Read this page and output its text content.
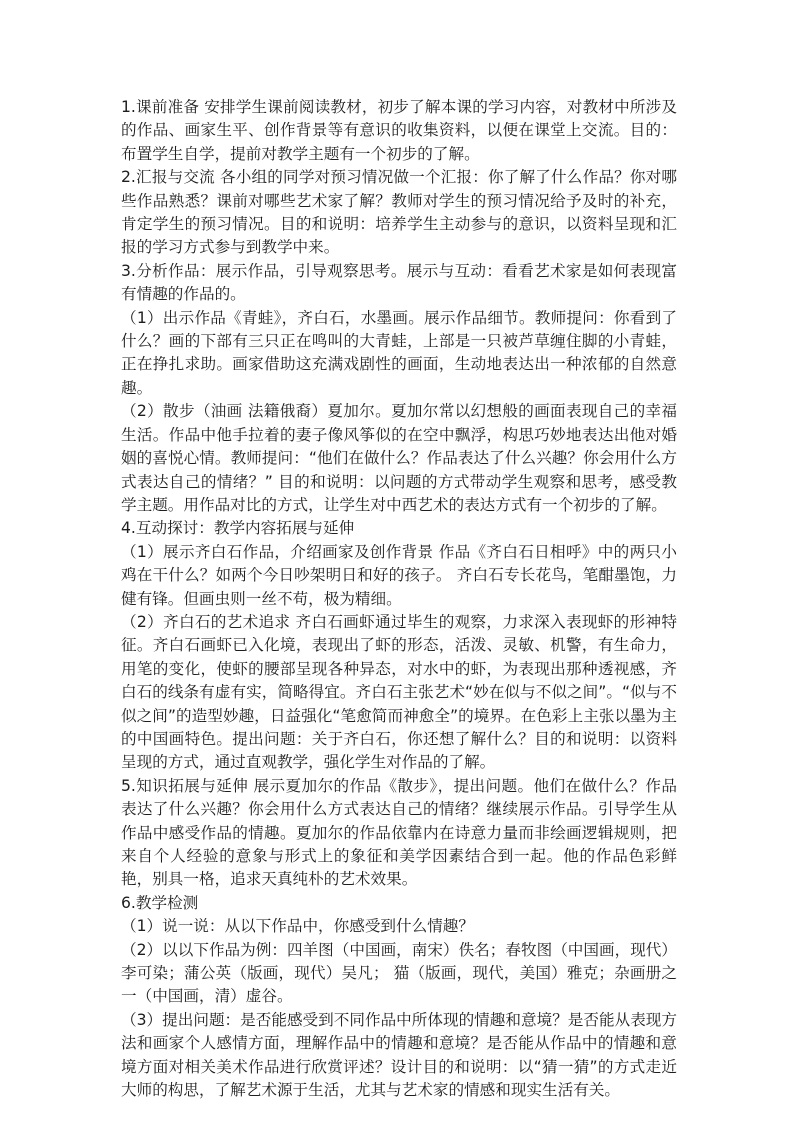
1.课前准备 安排学生课前阅读教材，初步了解本课的学习内容，对教材中所涉及的作品、画家生平、创作背景等有意识的收集资料，以便在课堂上交流。目的：布置学生自学，提前对教学主题有一个初步的了解。

2.汇报与交流 各小组的同学对预习情况做一个汇报：你了解了什么作品？你对哪些作品熟悉？课前对哪些艺术家了解？教师对学生的预习情况给予及时的补充，肯定学生的预习情况。目的和说明：培养学生主动参与的意识，以资料呈现和汇报的学习方式参与到教学中来。

3.分析作品：展示作品，引导观察思考。展示与互动：看看艺术家是如何表现富有情趣的作品的。

（1）出示作品《青蛙》，齐白石，水墨画。展示作品细节。教师提问：你看到了什么？画的下部有三只正在鸣叫的大青蛙，上部是一只被芦草缠住脚的小青蛙，正在挣扎求助。画家借助这充满戏剧性的画面，生动地表达出一种浓郁的自然意趣。

（2）散步（油画 法籍俄裔）夏加尔。夏加尔常以幻想般的画面表现自己的幸福生活。作品中他手拉着的妻子像风筝似的在空中飘浮，构思巧妙地表达出他对婚姻的喜悦心情。教师提问：“他们在做什么？作品表达了什么兴趣？你会用什么方式表达自己的情绪？” 目的和说明：以问题的方式带动学生观察和思考，感受教学主题。用作品对比的方式，让学生对中西艺术的表达方式有一个初步的了解。

4.互动探讨：教学内容拓展与延伸

（1）展示齐白石作品，介绍画家及创作背景 作品《齐白石日相呼》中的两只小鸡在干什么？如两个今日吵架明日和好的孩子。 齐白石专长花鸟，笔酣墨饱，力健有锋。但画虫则一丝不苟，极为精细。

（2）齐白石的艺术追求 齐白石画虾通过毕生的观察，力求深入表现虾的形神特征。齐白石画虾已入化境，表现出了虾的形态，活泼、灵敏、机警，有生命力，用笔的变化，使虾的腰部呈现各种异态，对水中的虾，为表现出那种透视感，齐白石的线条有虚有实，简略得宜。齐白石主张艺术“妙在似与不似之间”。“似与不似之间”的造型妙趣，日益强化“笔愈简而神愈全”的境界。在色彩上主张以墨为主的中国画特色。提出问题：关于齐白石，你还想了解什么？目的和说明：以资料呈现的方式，通过直观教学，强化学生对作品的了解。

5.知识拓展与延伸 展示夏加尔的作品《散步》，提出问题。他们在做什么？作品表达了什么兴趣？你会用什么方式表达自己的情绪？继续展示作品。引导学生从作品中感受作品的情趣。夏加尔的作品依靠内在诗意力量而非绘画逻辑规则，把来自个人经验的意象与形式上的象征和美学因素结合到一起。他的作品色彩鲜艳，别具一格，追求天真纯朴的艺术效果。

6.教学检测

（1）说一说：从以下作品中，你感受到什么情趣？

（2）以以下作品为例：四羊图（中国画，南宋）佚名；春牧图（中国画，现代）李可染；蒲公英（版画，现代）吴凡； 猫（版画，现代，美国）雅克；杂画册之一（中国画，清）虚谷。

（3）提出问题：是否能感受到不同作品中所体现的情趣和意境？是否能从表现方法和画家个人感情方面，理解作品中的情趣和意境？是否能从作品中的情趣和意境方面对相关美术作品进行欣赏评述？设计目的和说明：以“猜一猜”的方式走近大师的构思，了解艺术源于生活，尤其与艺术家的情感和现实生活有关。
